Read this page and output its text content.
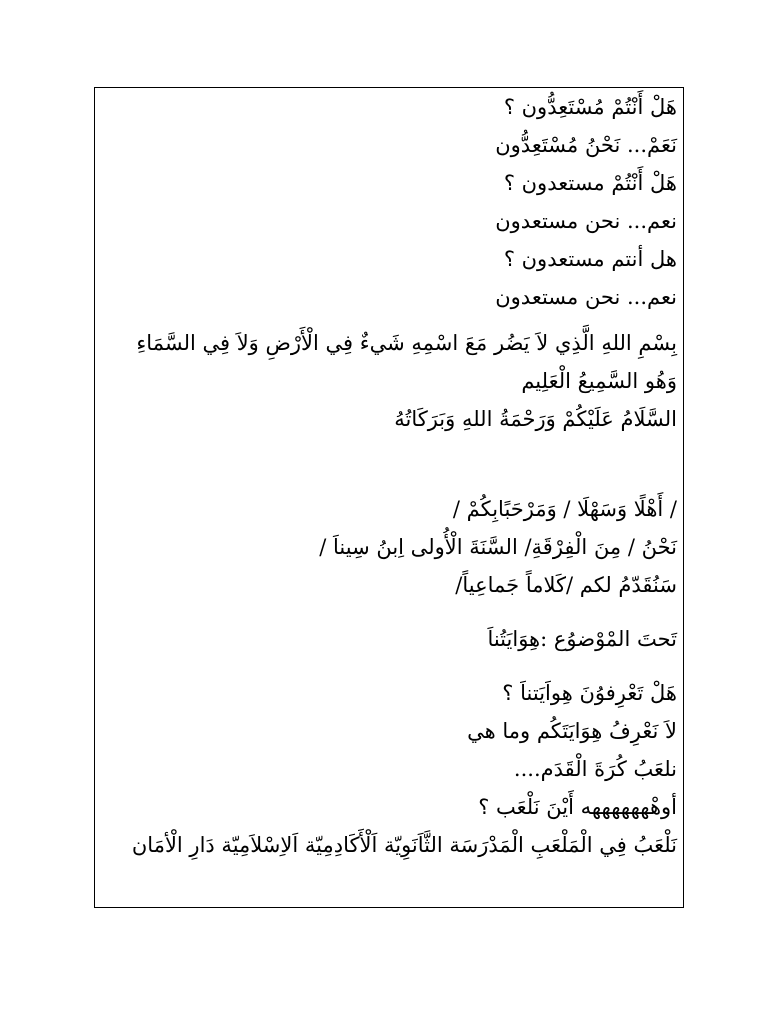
هَلْ أَنْتُمْ مُسْتَعِدُّون ؟
نَعَمْ... نَحْنُ مُسْتَعِدُّون
هَلْ أَنْتُمْ مستعدون ؟
نعم... نحن مستعدون
هل أنتم مستعدون ؟
نعم... نحن مستعدون
بِسْمِ اللهِ الَّذِي لاَ يَضُر مَعَ اسْمِهِ شَيءٌ فِي الْأَرْضِ وَلاَ فِي السَّمَاءِ وَهُو السَّمِيعُ الْعَلِيم
السَّلَامُ عَلَيْكُمْ وَرَحْمَةُ اللهِ وَبَرَكَاتُهُ
/ أَهْلًا وَسَهْلَا / وَمَرْحَبًابِكُمْ /
نَحْنُ / مِنَ الْفِرْقَةِ/ السَّنَةَ الْأُولى اِبنُ سِيناَ /
سَنُقَدّمُ لكم /كَلاماً جَماعِياً/
تَحتَ المْوْضوُع :هِوَايَتُناَ
هَلْ تَعْرِفوُنَ هِواَيَتناَ ؟
لاَ نَعْرِفُ هِوَايَتَكُم وما هي
نلعَبُ كُرَةَ الْقَدَم....
أوهْههههههه أَيْنَ نَلْعَب ؟
نَلْعَبُ فِي الْمَلْعَبِ الْمَدْرَسَة الثَّاَنَوِيّة اَلْأَكَادِمِيّة اَلاِسْلاَمِيّة دَارِ الْأمَان
